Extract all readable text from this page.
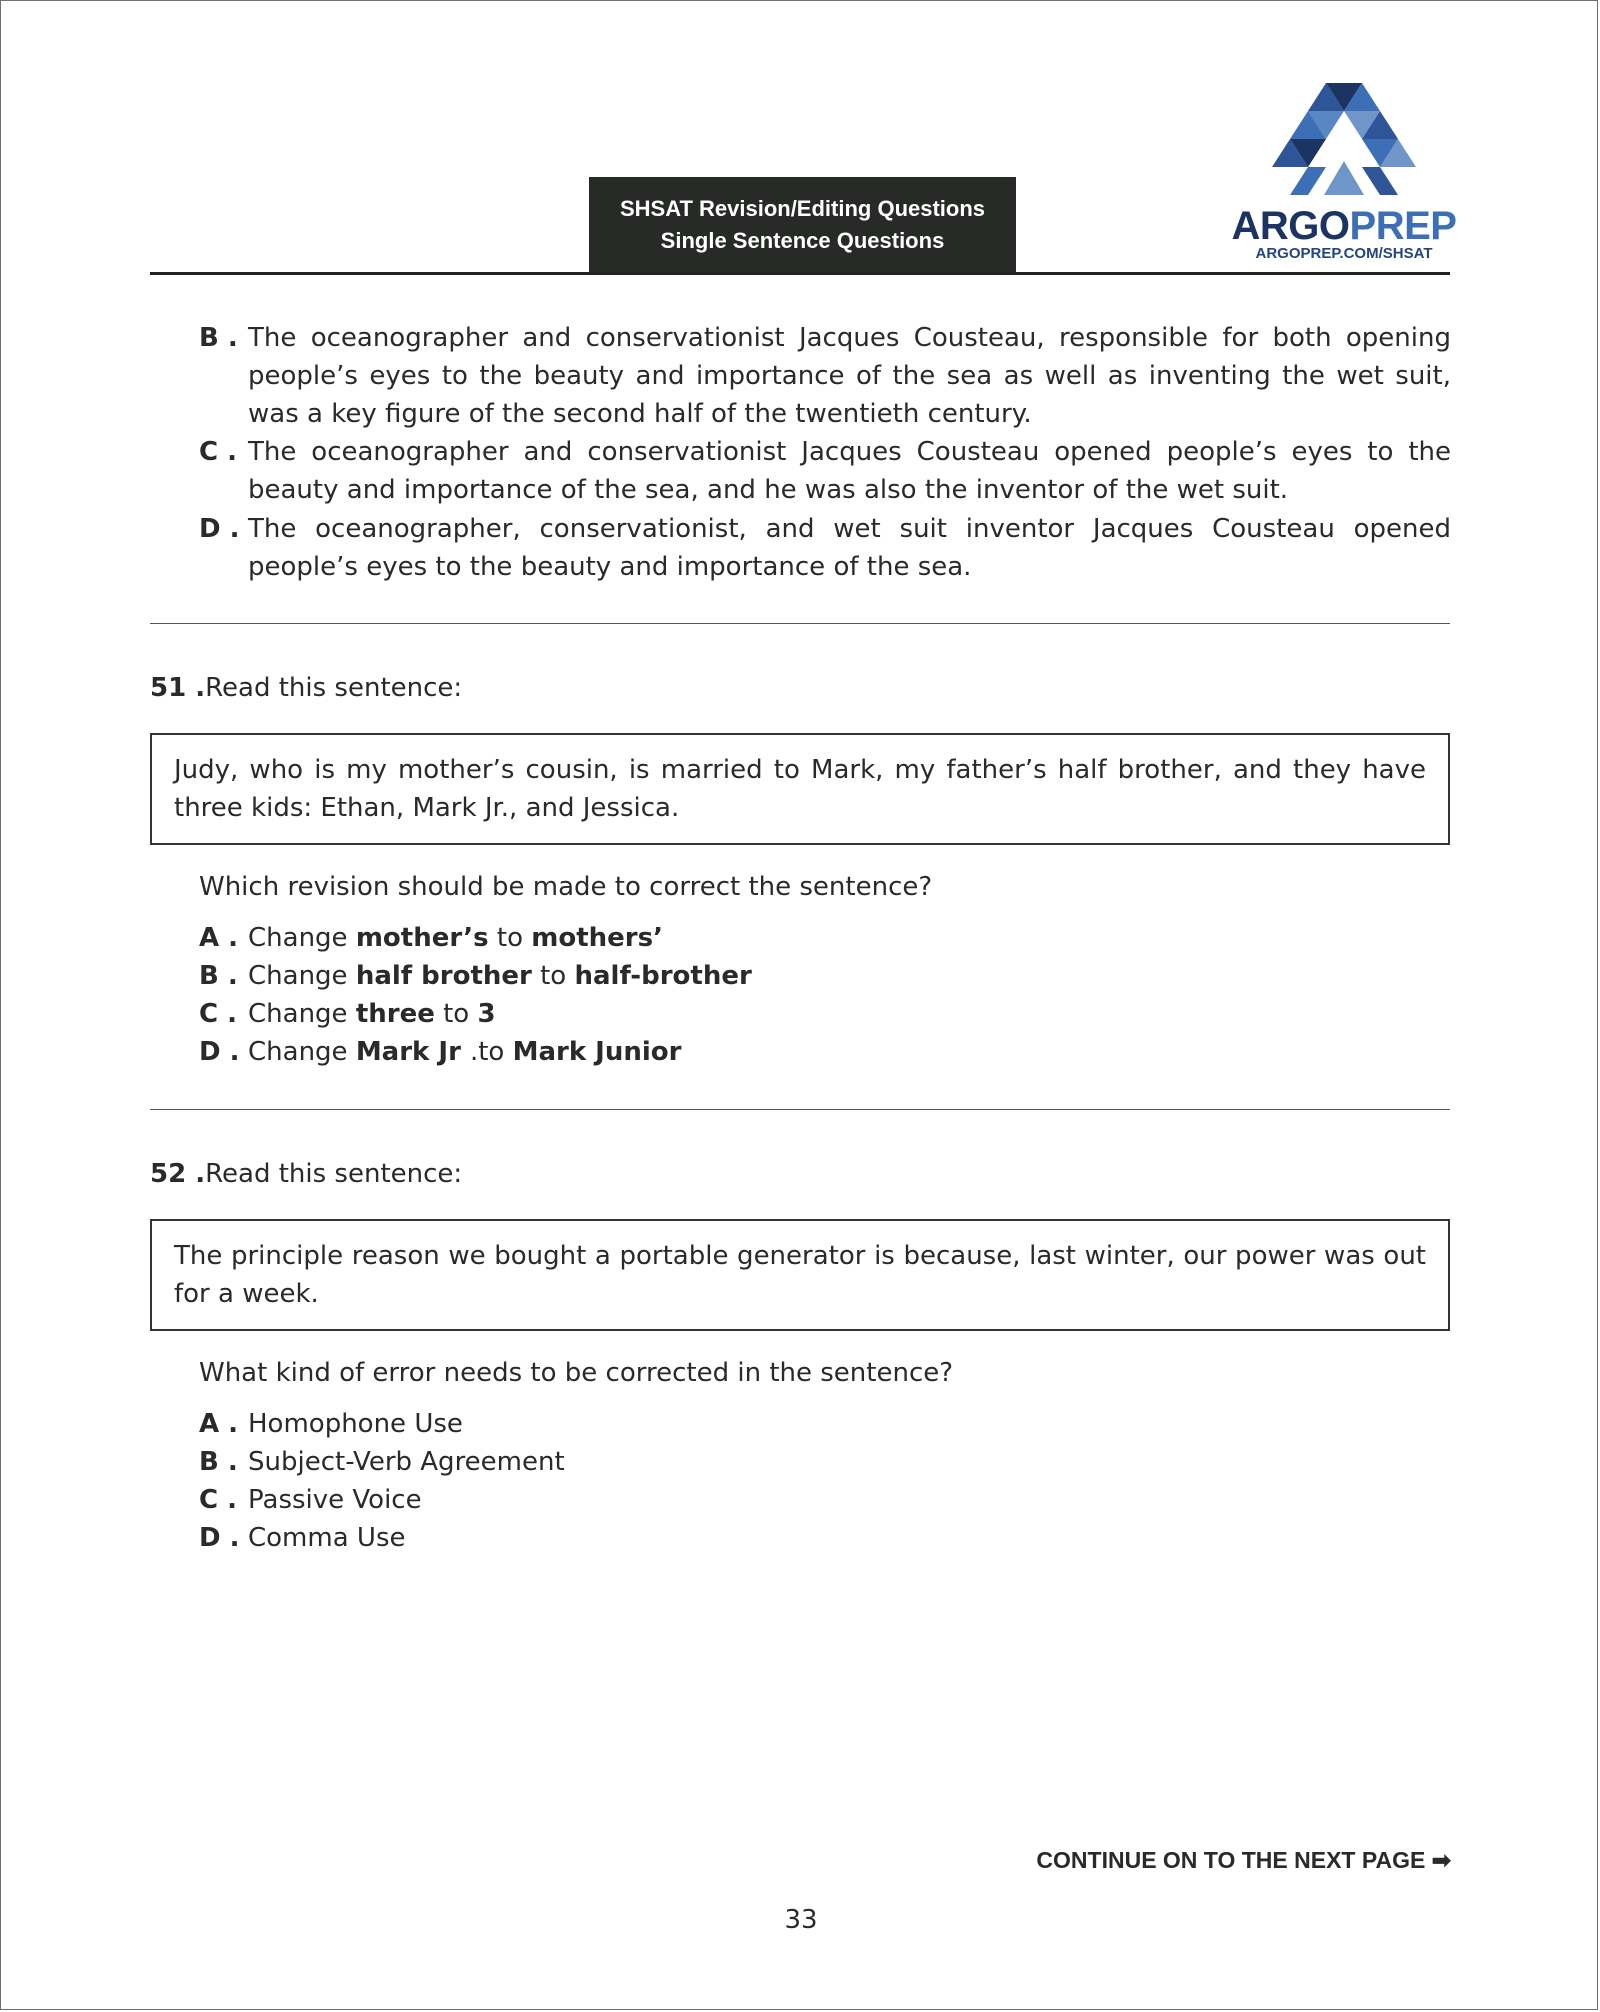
SHSAT Revision/Editing Questions
Single Sentence Questions	ARGOPREP
ARGOPREP.COM/SHSAT
B . The oceanographer and conservationist Jacques Cousteau, responsible for both opening people’s eyes to the beauty and importance of the sea as well as inventing the wet suit, was a key figure of the second half of the twentieth century.
C . The oceanographer and conservationist Jacques Cousteau opened people’s eyes to the beauty and importance of the sea, and he was also the inventor of the wet suit.
D . The oceanographer, conservationist, and wet suit inventor Jacques Cousteau opened people’s eyes to the beauty and importance of the sea.
51 .Read this sentence:
Judy, who is my mother’s cousin, is married to Mark, my father’s half brother, and they have three kids: Ethan, Mark Jr., and Jessica.
Which revision should be made to correct the sentence?
A . Change mother’s to mothers’
B . Change half brother to half-brother
C . Change three to 3
D . Change Mark Jr .to Mark Junior
52 .Read this sentence:
The principle reason we bought a portable generator is because, last winter, our power was out for a week.
What kind of error needs to be corrected in the sentence?
A . Homophone Use
B . Subject-Verb Agreement
C . Passive Voice
D . Comma Use
CONTINUE ON TO THE NEXT PAGE ➡
33
